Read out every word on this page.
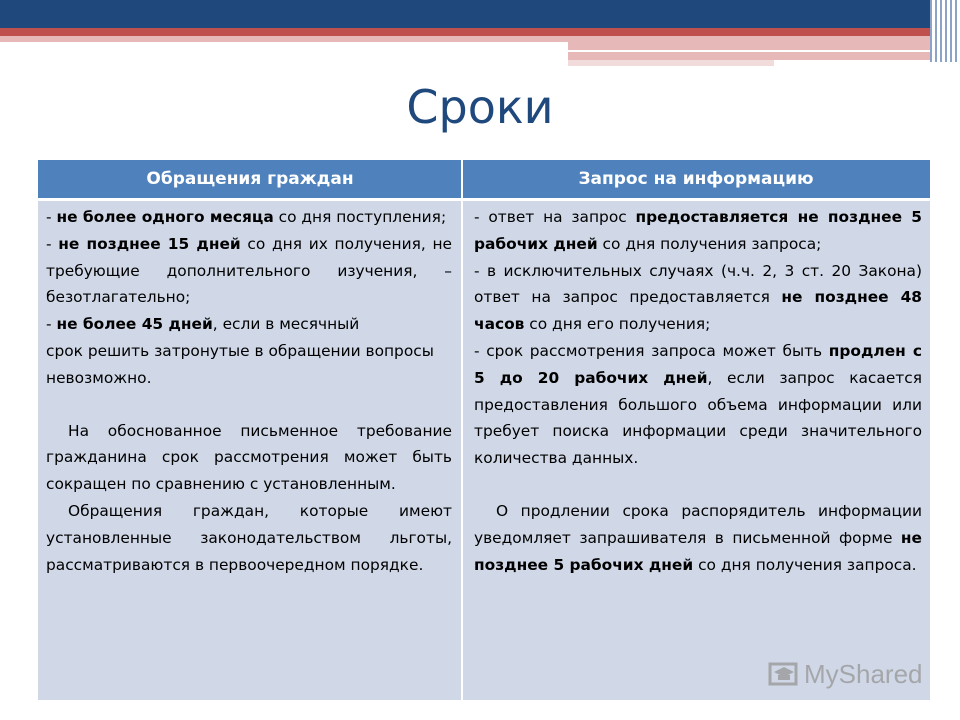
Сроки
Обращения граждан	Запрос на информацию

- не более одного месяца со дня поступления;

- не позднее 15 дней со дня их получения, не требующие дополнительного изучения, – безотлагательно;

- не более 45 дней, если в месячный
срок решить затронутые в обращении вопросы невозможно.

На обоснованное письменное требование гражданина срок рассмотрения может быть сокращен по сравнению с установленным.

Обращения граждан, которые имеют установленные законодательством льготы, рассматриваются в первоочередном порядке.

- ответ на запрос предоставляется не позднее 5 рабочих дней со дня получения запроса;

- в исключительных случаях (ч.ч. 2, 3 ст. 20 Закона) ответ на запрос предоставляется не позднее 48 часов со дня его получения;

- срок рассмотрения запроса может быть продлен с 5 до 20 рабочих дней, если запрос касается предоставления большого объема информации или требует поиска информации среди значительного количества данных.

О продлении срока распорядитель информации уведомляет запрашивателя в письменной форме не позднее 5 рабочих дней со дня получения запроса.

MyShared
